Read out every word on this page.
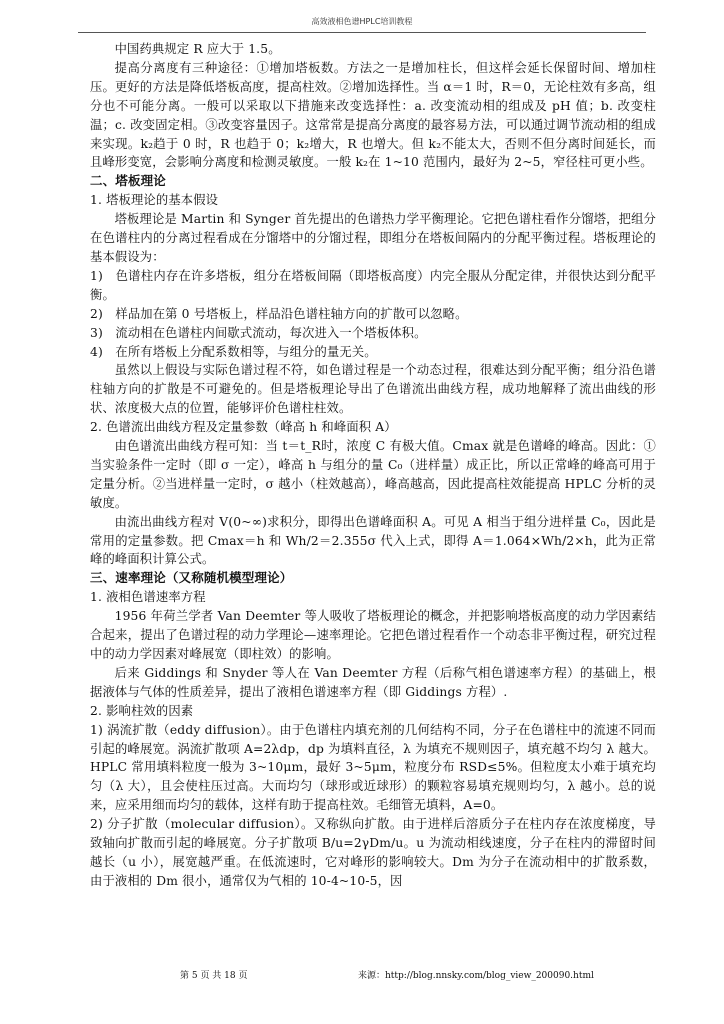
高效液相色谱HPLC培训教程

中国药典规定 R 应大于 1.5。

提高分离度有三种途径：①增加塔板数。方法之一是增加柱长，但这样会延长保留时间、增加柱压。更好的方法是降低塔板高度，提高柱效。②增加选择性。当 α＝1 时，R＝0，无论柱效有多高，组分也不可能分离。一般可以采取以下措施来改变选择性：a. 改变流动相的组成及 pH 值；b. 改变柱温；c. 改变固定相。③改变容量因子。这常常是提高分离度的最容易方法，可以通过调节流动相的组成来实现。k₂趋于 0 时，R 也趋于 0；k₂增大，R 也增大。但 k₂不能太大，否则不但分离时间延长，而且峰形变宽，会影响分离度和检测灵敏度。一般 k₂在 1~10 范围内，最好为 2~5，窄径柱可更小些。

二、塔板理论

1. 塔板理论的基本假设

塔板理论是 Martin 和 Synger 首先提出的色谱热力学平衡理论。它把色谱柱看作分馏塔，把组分在色谱柱内的分离过程看成在分馏塔中的分馏过程，即组分在塔板间隔内的分配平衡过程。塔板理论的基本假设为：

1)　色谱柱内存在许多塔板，组分在塔板间隔（即塔板高度）内完全服从分配定律，并很快达到分配平衡。

2)　样品加在第 0 号塔板上，样品沿色谱柱轴方向的扩散可以忽略。

3)　流动相在色谱柱内间歇式流动，每次进入一个塔板体积。

4)　在所有塔板上分配系数相等，与组分的量无关。

虽然以上假设与实际色谱过程不符，如色谱过程是一个动态过程，很难达到分配平衡；组分沿色谱柱轴方向的扩散是不可避免的。但是塔板理论导出了色谱流出曲线方程，成功地解释了流出曲线的形状、浓度极大点的位置，能够评价色谱柱柱效。

2. 色谱流出曲线方程及定量参数（峰高 h 和峰面积 A）

由色谱流出曲线方程可知：当 t＝t_R时，浓度 C 有极大值。Cmax 就是色谱峰的峰高。因此：①当实验条件一定时（即 σ 一定），峰高 h 与组分的量 C₀（进样量）成正比，所以正常峰的峰高可用于定量分析。②当进样量一定时，σ 越小（柱效越高），峰高越高，因此提高柱效能提高 HPLC 分析的灵敏度。

由流出曲线方程对 V(0~∞)求积分，即得出色谱峰面积 A。可见 A 相当于组分进样量 C₀，因此是常用的定量参数。把 Cmax＝h 和 Wh/2＝2.355σ 代入上式，即得 A＝1.064×Wh/2×h，此为正常峰的峰面积计算公式。

三、速率理论（又称随机模型理论）

1. 液相色谱速率方程

1956 年荷兰学者 Van Deemter 等人吸收了塔板理论的概念，并把影响塔板高度的动力学因素结合起来，提出了色谱过程的动力学理论—速率理论。它把色谱过程看作一个动态非平衡过程，研究过程中的动力学因素对峰展宽（即柱效）的影响。

后来 Giddings 和 Snyder 等人在 Van Deemter 方程（后称气相色谱速率方程）的基础上，根据液体与气体的性质差异，提出了液相色谱速率方程（即 Giddings 方程）.

2. 影响柱效的因素

1) 涡流扩散（eddy diffusion）。由于色谱柱内填充剂的几何结构不同，分子在色谱柱中的流速不同而引起的峰展宽。涡流扩散项 A=2λdp，dp 为填料直径，λ 为填充不规则因子，填充越不均匀 λ 越大。HPLC 常用填料粒度一般为 3~10μm，最好 3~5μm，粒度分布 RSD≤5%。但粒度太小难于填充均匀（λ 大），且会使柱压过高。大而均匀（球形或近球形）的颗粒容易填充规则均匀，λ 越小。总的说来，应采用细而均匀的载体，这样有助于提高柱效。毛细管无填料，A=0。

2) 分子扩散（molecular diffusion）。又称纵向扩散。由于进样后溶质分子在柱内存在浓度梯度，导致轴向扩散而引起的峰展宽。分子扩散项 B/u=2γDm/u。u 为流动相线速度，分子在柱内的滞留时间越长（u 小），展宽越严重。在低流速时，它对峰形的影响较大。Dm 为分子在流动相中的扩散系数，由于液相的 Dm 很小，通常仅为气相的 10-4~10-5，因

第 5 页 共 18 页	来源：http://blog.nnsky.com/blog_view_200090.html
